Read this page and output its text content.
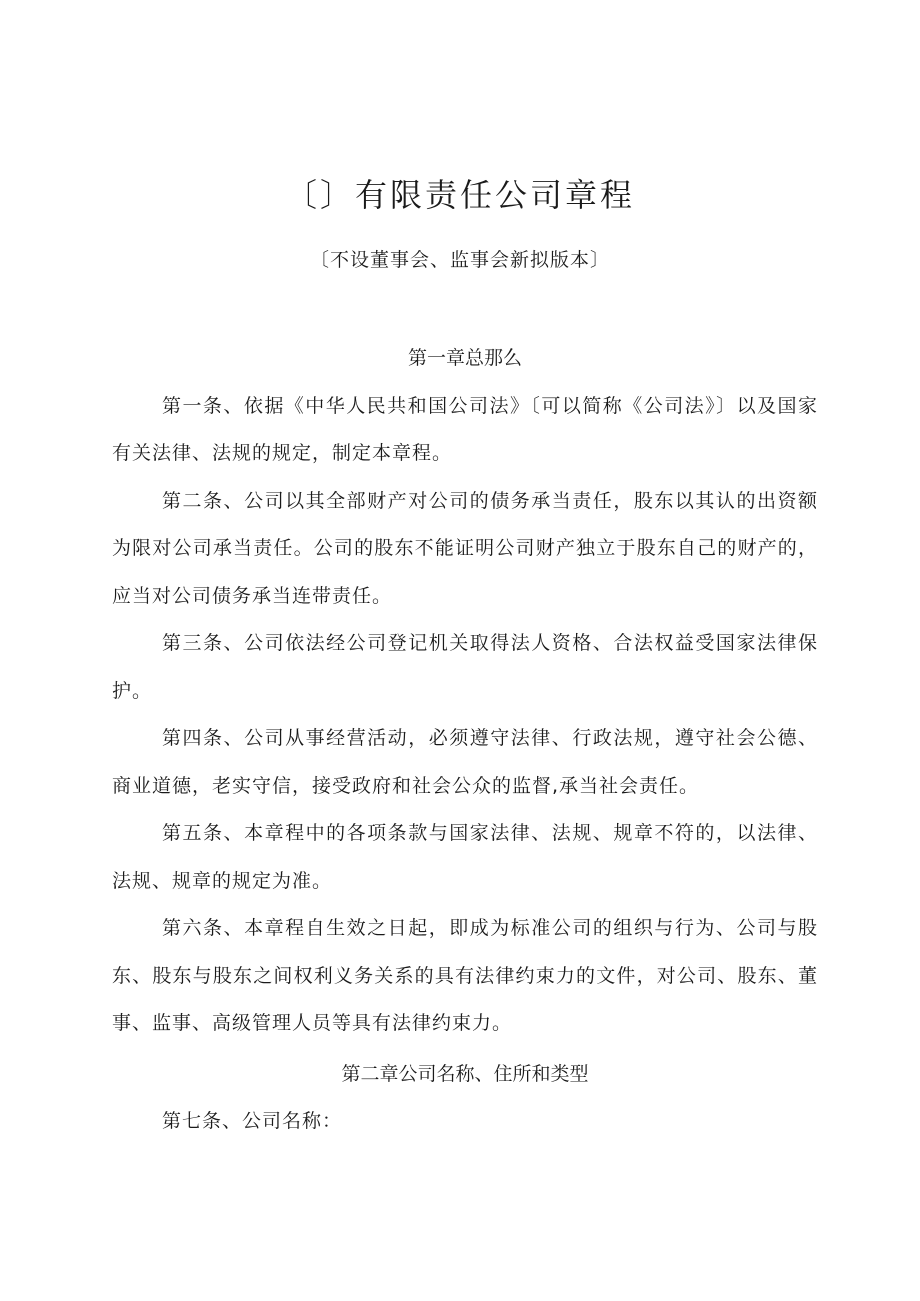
〔〕有限责任公司章程
〔不设董事会、监事会新拟版本〕
第一章总那么

第一条、依据《中华人民共和国公司法》〔可以简称《公司法》〕以及国家有关法律、法规的规定，制定本章程。

第二条、公司以其全部财产对公司的债务承当责任，股东以其认的出资额为限对公司承当责任。公司的股东不能证明公司财产独立于股东自己的财产的，应当对公司债务承当连带责任。

第三条、公司依法经公司登记机关取得法人资格、合法权益受国家法律保护。

第四条、公司从事经营活动，必须遵守法律、行政法规，遵守社会公德、商业道德，老实守信，接受政府和社会公众的监督,承当社会责任。

第五条、本章程中的各项条款与国家法律、法规、规章不符的，以法律、法规、规章的规定为准。

第六条、本章程自生效之日起，即成为标准公司的组织与行为、公司与股东、股东与股东之间权利义务关系的具有法律约束力的文件，对公司、股东、董事、监事、高级管理人员等具有法律约束力。

第二章公司名称、住所和类型

第七条、公司名称：
